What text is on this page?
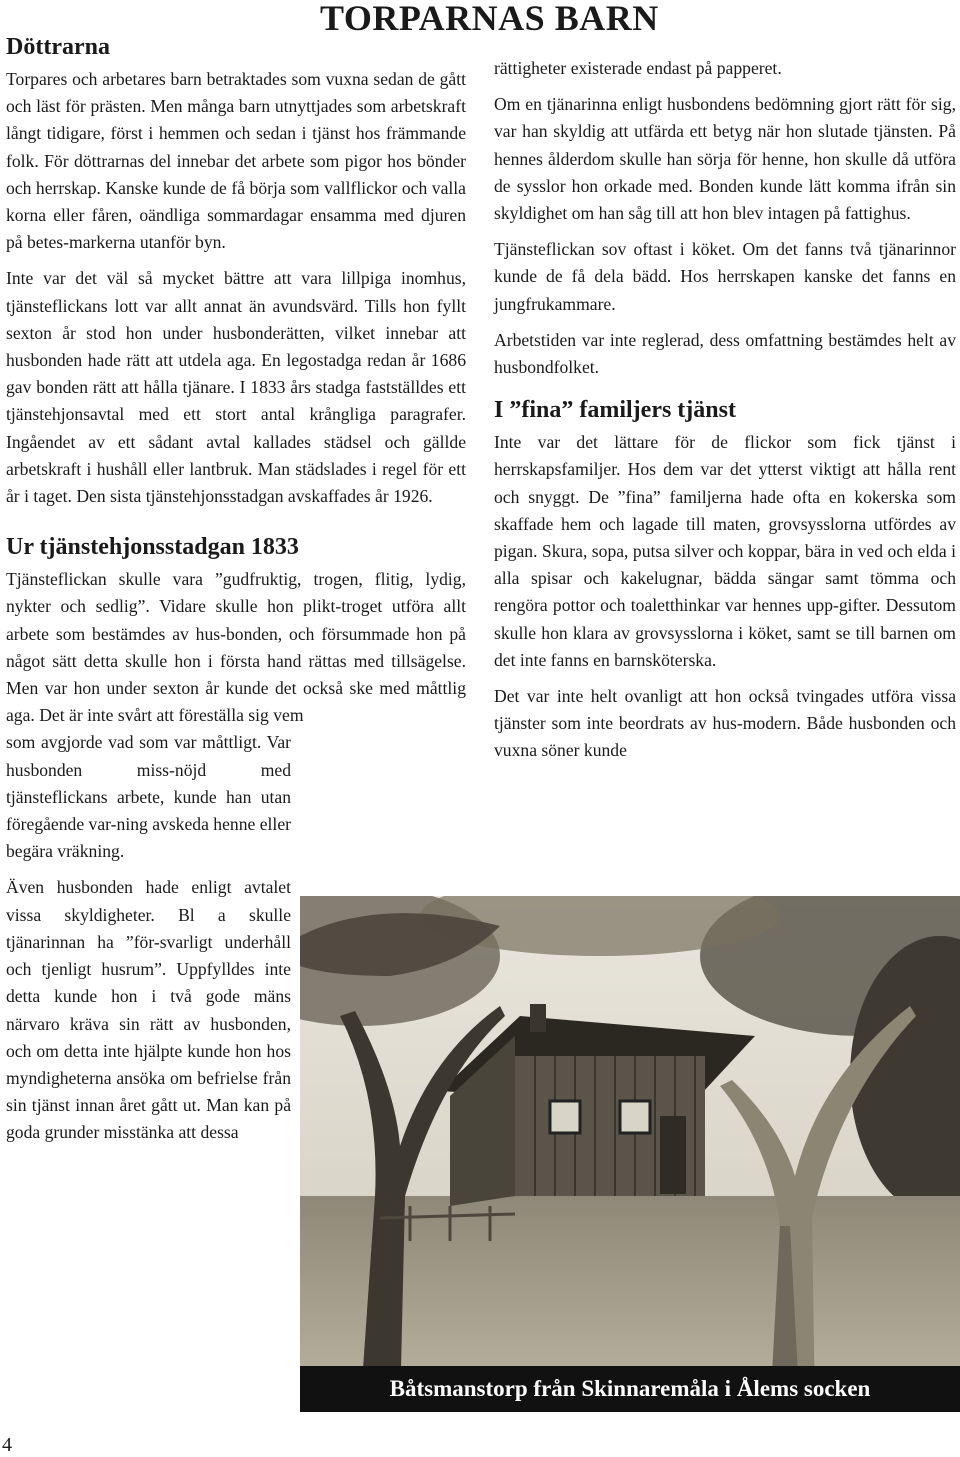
TORPARNAS BARN
Döttrarna

Torpares och arbetares barn betraktades som vuxna sedan de gått och läst för prästen. Men många barn utnyttjades som arbetskraft långt tidigare, först i hemmen och sedan i tjänst hos främmande folk. För döttrarnas del innebar det arbete som pigor hos bönder och herrskap. Kanske kunde de få börja som vallflickor och valla korna eller fåren, oändliga sommardagar ensamma med djuren på betes-markerna utanför byn.

Inte var det väl så mycket bättre att vara lillpiga inomhus, tjänsteflickans lott var allt annat än avundsvärd. Tills hon fyllt sexton år stod hon under husbonderätten, vilket innebar att husbonden hade rätt att utdela aga. En legostadga redan år 1686 gav bonden rätt att hålla tjänare. I 1833 års stadga fastställdes ett tjänstehjonsavtal med ett stort antal krångliga paragrafer. Ingåendet av ett sådant avtal kallades städsel och gällde arbetskraft i hushåll eller lantbruk. Man städslades i regel för ett år i taget. Den sista tjänstehjonsstadgan avskaffades år 1926.

Ur tjänstehjonsstadgan 1833

Tjänsteflickan skulle vara ”gudfruktig, trogen, flitig, lydig, nykter och sedlig”. Vidare skulle hon plikt-troget utföra allt arbete som bestämdes av hus-bonden, och försummade hon på något sätt detta skulle hon i första hand rättas med tillsägelse. Men var hon under sexton år kunde det också ske med måttlig aga. Det är inte svårt att föreställa sig vem

som avgjorde vad som var måttligt. Var husbonden miss-nöjd med tjänsteflickans arbete, kunde han utan föregående var-ning avskeda henne eller begära vräkning.

Även husbonden hade enligt avtalet vissa skyldigheter. Bl a skulle tjänarinnan ha ”för-svarligt underhåll och tjenligt husrum”. Uppfylldes inte detta kunde hon i två gode mäns närvaro kräva sin rätt av husbonden, och om detta inte hjälpte kunde hon hos myndigheterna ansöka om befrielse från sin tjänst innan året gått ut. Man kan på goda grunder misstänka att dessa

rättigheter existerade endast på papperet.

Om en tjänarinna enligt husbondens bedömning gjort rätt för sig, var han skyldig att utfärda ett betyg när hon slutade tjänsten. På hennes ålderdom skulle han sörja för henne, hon skulle då utföra de sysslor hon orkade med. Bonden kunde lätt komma ifrån sin skyldighet om han såg till att hon blev intagen på fattighus.

Tjänsteflickan sov oftast i köket. Om det fanns två tjänarinnor kunde de få dela bädd. Hos herrskapen kanske det fanns en jungfrukammare.

Arbetstiden var inte reglerad, dess omfattning bestämdes helt av husbondfolket.

I ”fina” familjers tjänst

Inte var det lättare för de flickor som fick tjänst i herrskapsfamiljer. Hos dem var det ytterst viktigt att hålla rent och snyggt. De ”fina” familjerna hade ofta en kokerska som skaffade hem och lagade till maten, grovsysslorna utfördes av pigan. Skura, sopa, putsa silver och koppar, bära in ved och elda i alla spisar och kakelugnar, bädda sängar samt tömma och rengöra pottor och toaletthinkar var hennes upp-gifter. Dessutom skulle hon klara av grovsysslorna i köket, samt se till barnen om det inte fanns en barnsköterska.

Det var inte helt ovanligt att hon också tvingades utföra vissa tjänster som inte beordrats av hus-modern. Både husbonden och vuxna söner kunde

Båtsmanstorp från Skinnaremåla i Ålems socken
4
